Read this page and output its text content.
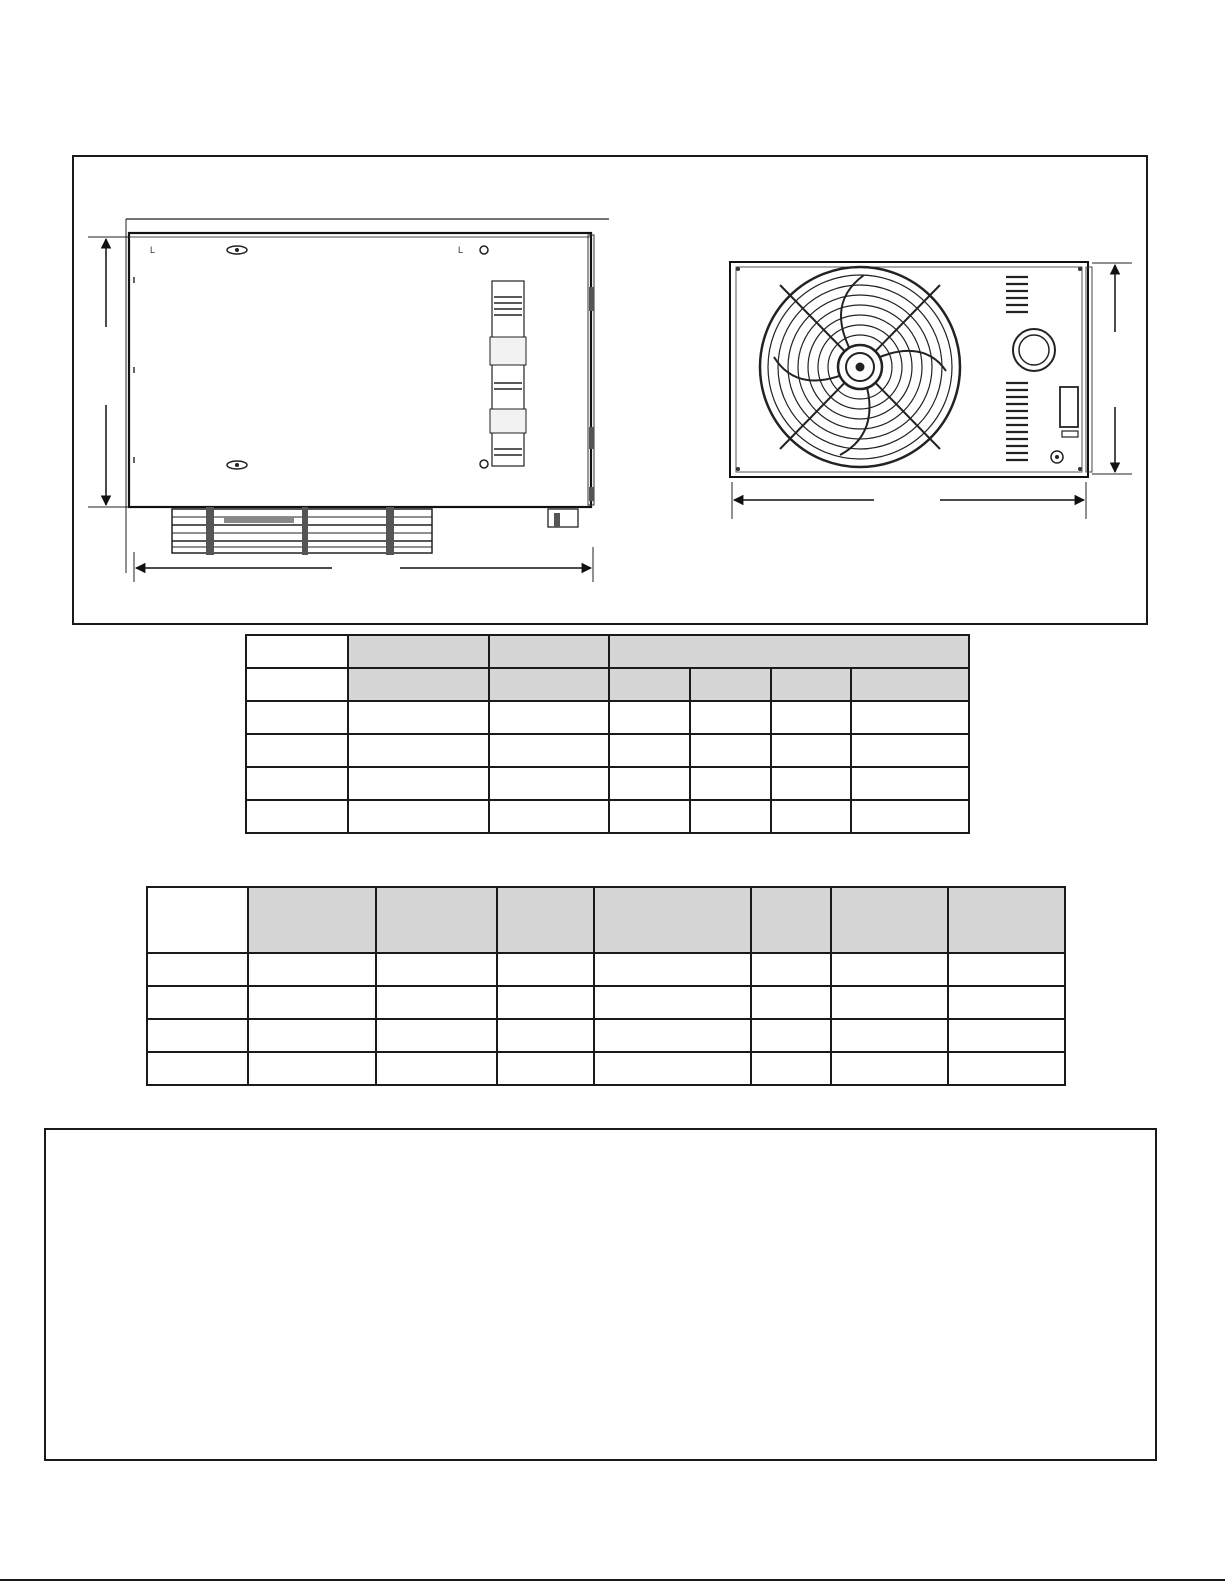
L	L
